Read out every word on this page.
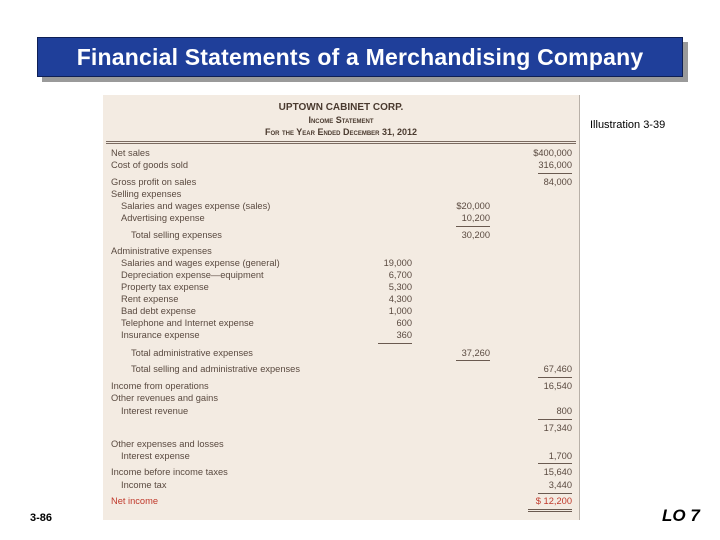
Financial Statements of a Merchandising Company
UPTOWN CABINET CORP.
Income Statement
For the Year Ended December 31, 2012
Net sales	$400,000
Cost of goods sold	316,000
Gross profit on sales	84,000
Selling expenses
Salaries and wages expense (sales)	$20,000
Advertising expense	10,200
Total selling expenses	30,200
Administrative expenses
Salaries and wages expense (general)	19,000
Depreciation expense—equipment	6,700
Property tax expense	5,300
Rent expense	4,300
Bad debt expense	1,000
Telephone and Internet expense	600
Insurance expense	360
Total administrative expenses	37,260
Total selling and administrative expenses	67,460
Income from operations	16,540
Other revenues and gains
Interest revenue	800
17,340
Other expenses and losses
Interest expense	1,700
Income before income taxes	15,640
Income tax	3,440
Net income	$ 12,200
Illustration 3-39
3-86	LO 7
